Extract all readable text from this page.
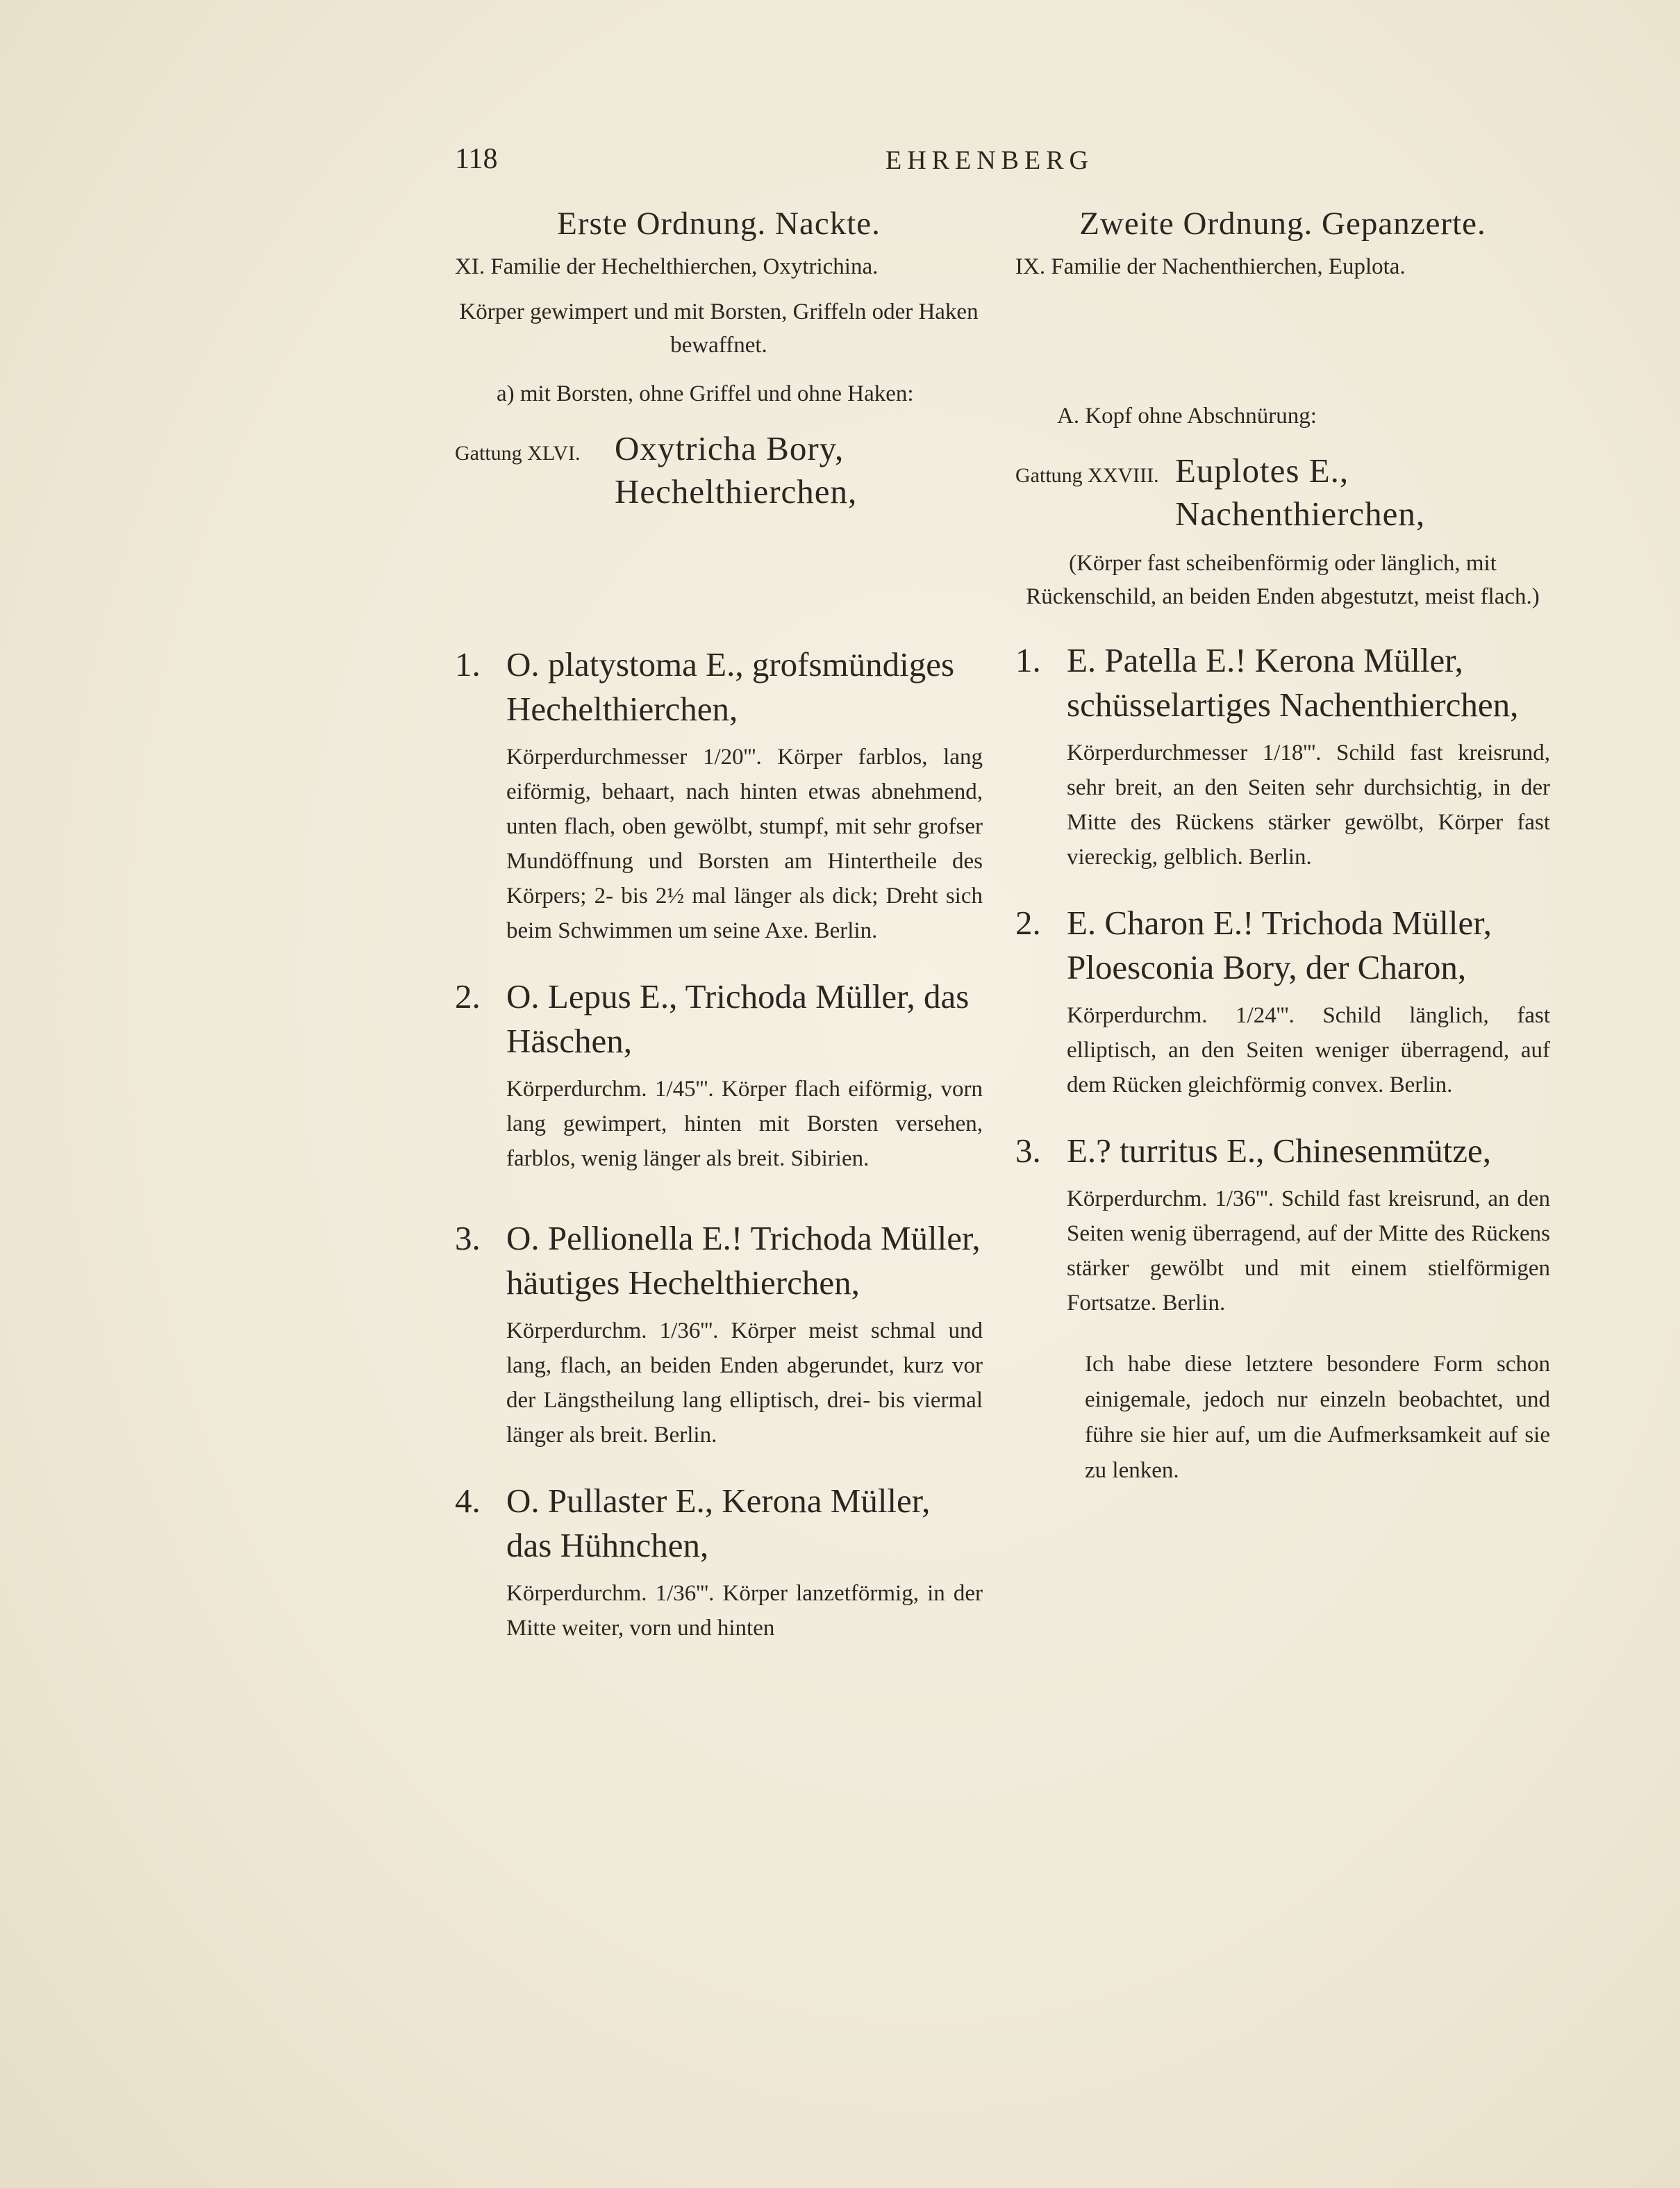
118	EHRENBERG
Erste Ordnung. Nackte.
XI. Familie der Hechelthierchen, Oxytrichina.
Körper gewimpert und mit Borsten, Griffeln oder Haken bewaffnet.
a) mit Borsten, ohne Griffel und ohne Haken:
Gattung XLVI.	Oxytricha Bory, Hechelthierchen,
1. O. platystoma E., grofsmündiges Hechelthierchen,
Körperdurchmesser 1/20'''. Körper farblos, lang eiförmig, behaart, nach hinten etwas abnehmend, unten flach, oben gewölbt, stumpf, mit sehr grofser Mundöffnung und Borsten am Hintertheile des Körpers; 2- bis 2½ mal länger als dick; Dreht sich beim Schwimmen um seine Axe. Berlin.
2. O. Lepus E., Trichoda Müller, das Häschen,
Körperdurchm. 1/45'''. Körper flach eiförmig, vorn lang gewimpert, hinten mit Borsten versehen, farblos, wenig länger als breit. Sibirien.
3. O. Pellionella E.! Trichoda Müller, häutiges Hechelthierchen,
Körperdurchm. 1/36'''. Körper meist schmal und lang, flach, an beiden Enden abgerundet, kurz vor der Längstheilung lang elliptisch, drei- bis viermal länger als breit. Berlin.
4. O. Pullaster E., Kerona Müller, das Hühnchen,
Körperdurchm. 1/36'''. Körper lanzetförmig, in der Mitte weiter, vorn und hinten
Zweite Ordnung. Gepanzerte.
IX. Familie der Nachenthierchen, Euplota.
A. Kopf ohne Abschnürung:
Gattung XXVIII. Euplotes E., Nachenthierchen,
(Körper fast scheibenförmig oder länglich, mit Rückenschild, an beiden Enden abgestutzt, meist flach.)
1. E. Patella E.! Kerona Müller, schüsselartiges Nachenthierchen,
Körperdurchmesser 1/18'''. Schild fast kreisrund, sehr breit, an den Seiten sehr durchsichtig, in der Mitte des Rückens stärker gewölbt, Körper fast viereckig, gelblich. Berlin.
2. E. Charon E.! Trichoda Müller, Ploesconia Bory, der Charon,
Körperdurchm. 1/24'''. Schild länglich, fast elliptisch, an den Seiten weniger überragend, auf dem Rücken gleichförmig convex. Berlin.
3. E.? turritus E., Chinesenmütze,
Körperdurchm. 1/36'''. Schild fast kreisrund, an den Seiten wenig überragend, auf der Mitte des Rückens stärker gewölbt und mit einem stielförmigen Fortsatze. Berlin.
Ich habe diese letztere besondere Form schon einigemale, jedoch nur einzeln beobachtet, und führe sie hier auf, um die Aufmerksamkeit auf sie zu lenken.
